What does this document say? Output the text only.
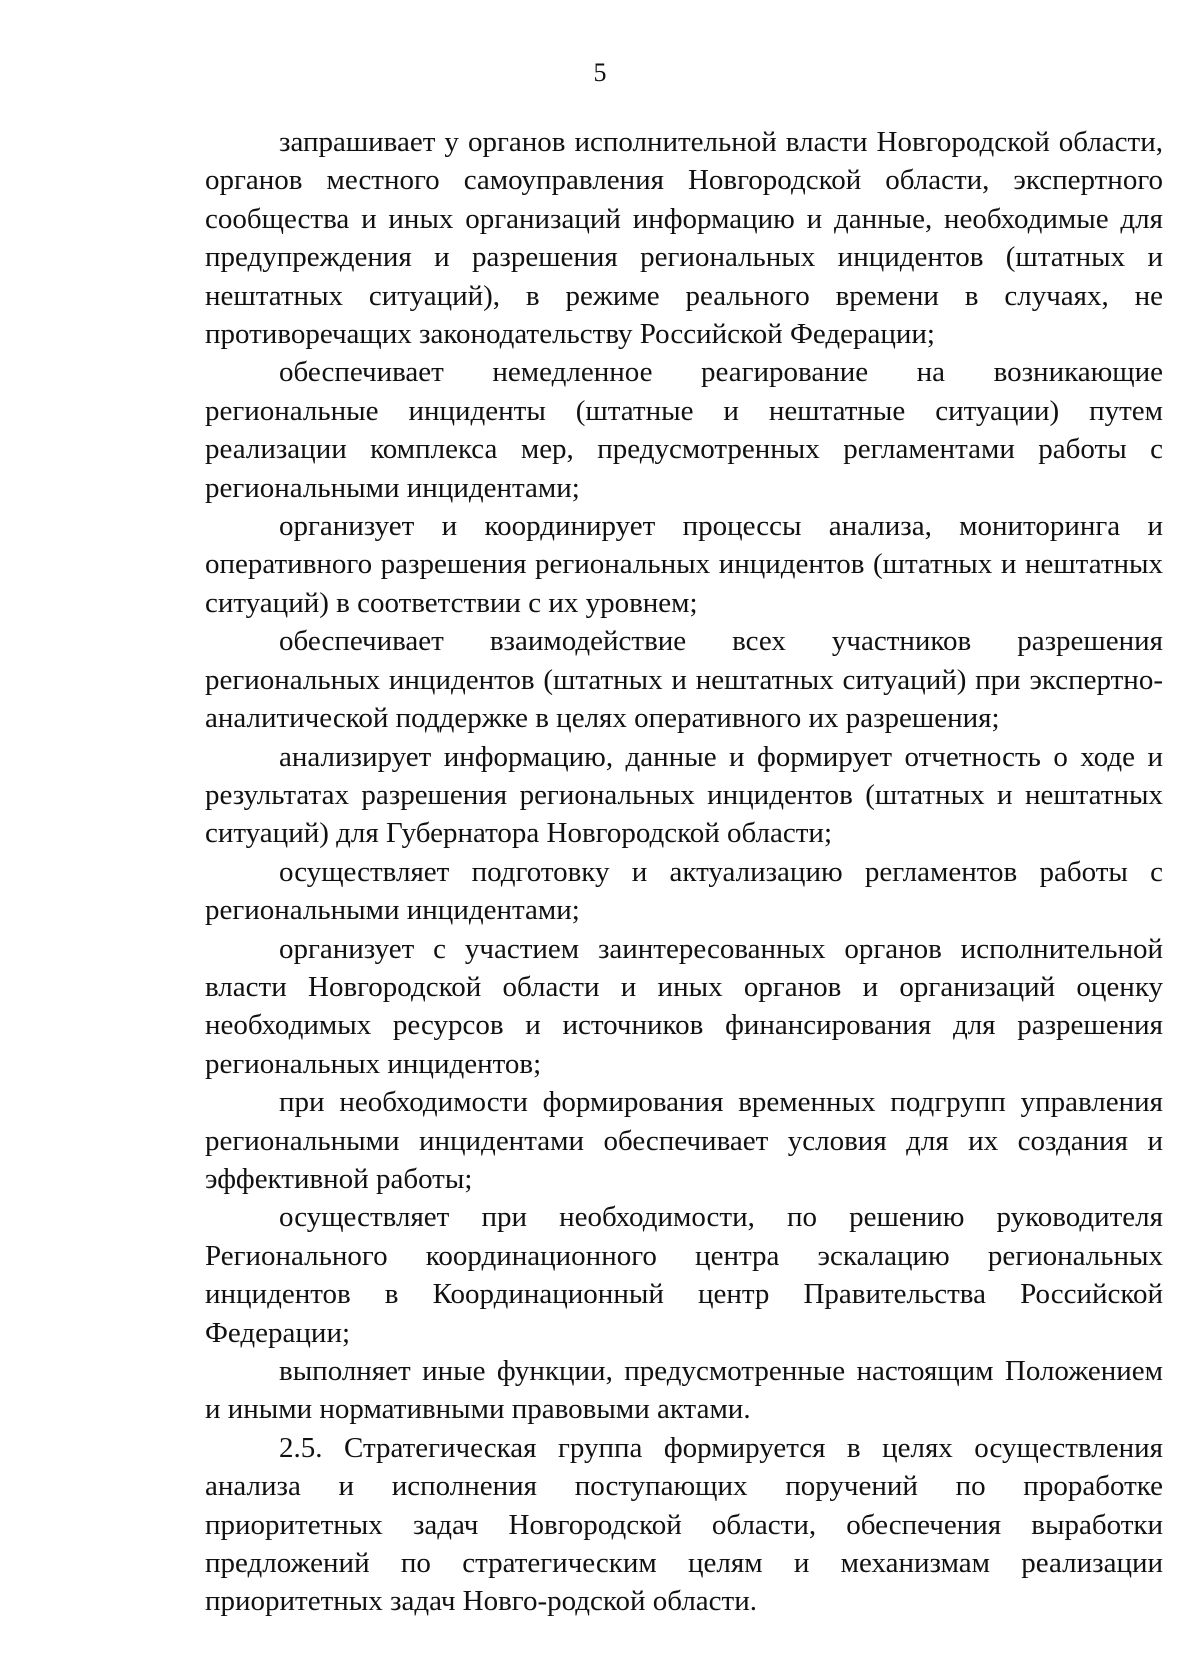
5

запрашивает у органов исполнительной власти Новгородской области, органов местного самоуправления Новгородской области, экспертного сообщества и иных организаций информацию и данные, необходимые для предупреждения и разрешения региональных инцидентов (штатных и нештатных ситуаций), в режиме реального времени в случаях, не противоречащих законодательству Российской Федерации;

обеспечивает немедленное реагирование на возникающие региональные инциденты (штатные и нештатные ситуации) путем реализации комплекса мер, предусмотренных регламентами работы с региональными инцидентами;

организует и координирует процессы анализа, мониторинга и оперативного разрешения региональных инцидентов (штатных и нештатных ситуаций) в соответствии с их уровнем;

обеспечивает взаимодействие всех участников разрешения региональных инцидентов (штатных и нештатных ситуаций) при экспертно-аналитической поддержке в целях оперативного их разрешения;

анализирует информацию, данные и формирует отчетность о ходе и результатах разрешения региональных инцидентов (штатных и нештатных ситуаций) для Губернатора Новгородской области;

осуществляет подготовку и актуализацию регламентов работы с региональными инцидентами;

организует с участием заинтересованных органов исполнительной власти Новгородской области и иных органов и организаций оценку необходимых ресурсов и источников финансирования для разрешения региональных инцидентов;

при необходимости формирования временных подгрупп управления региональными инцидентами обеспечивает условия для их создания и эффективной работы;

осуществляет при необходимости, по решению руководителя Регионального координационного центра эскалацию региональных инцидентов в Координационный центр Правительства Российской Федерации;

выполняет иные функции, предусмотренные настоящим Положением и иными нормативными правовыми актами.

2.5. Стратегическая группа формируется в целях осуществления анализа и исполнения поступающих поручений по проработке приоритетных задач Новгородской области, обеспечения выработки предложений по стратегическим целям и механизмам реализации приоритетных задач Новго-родской области.
